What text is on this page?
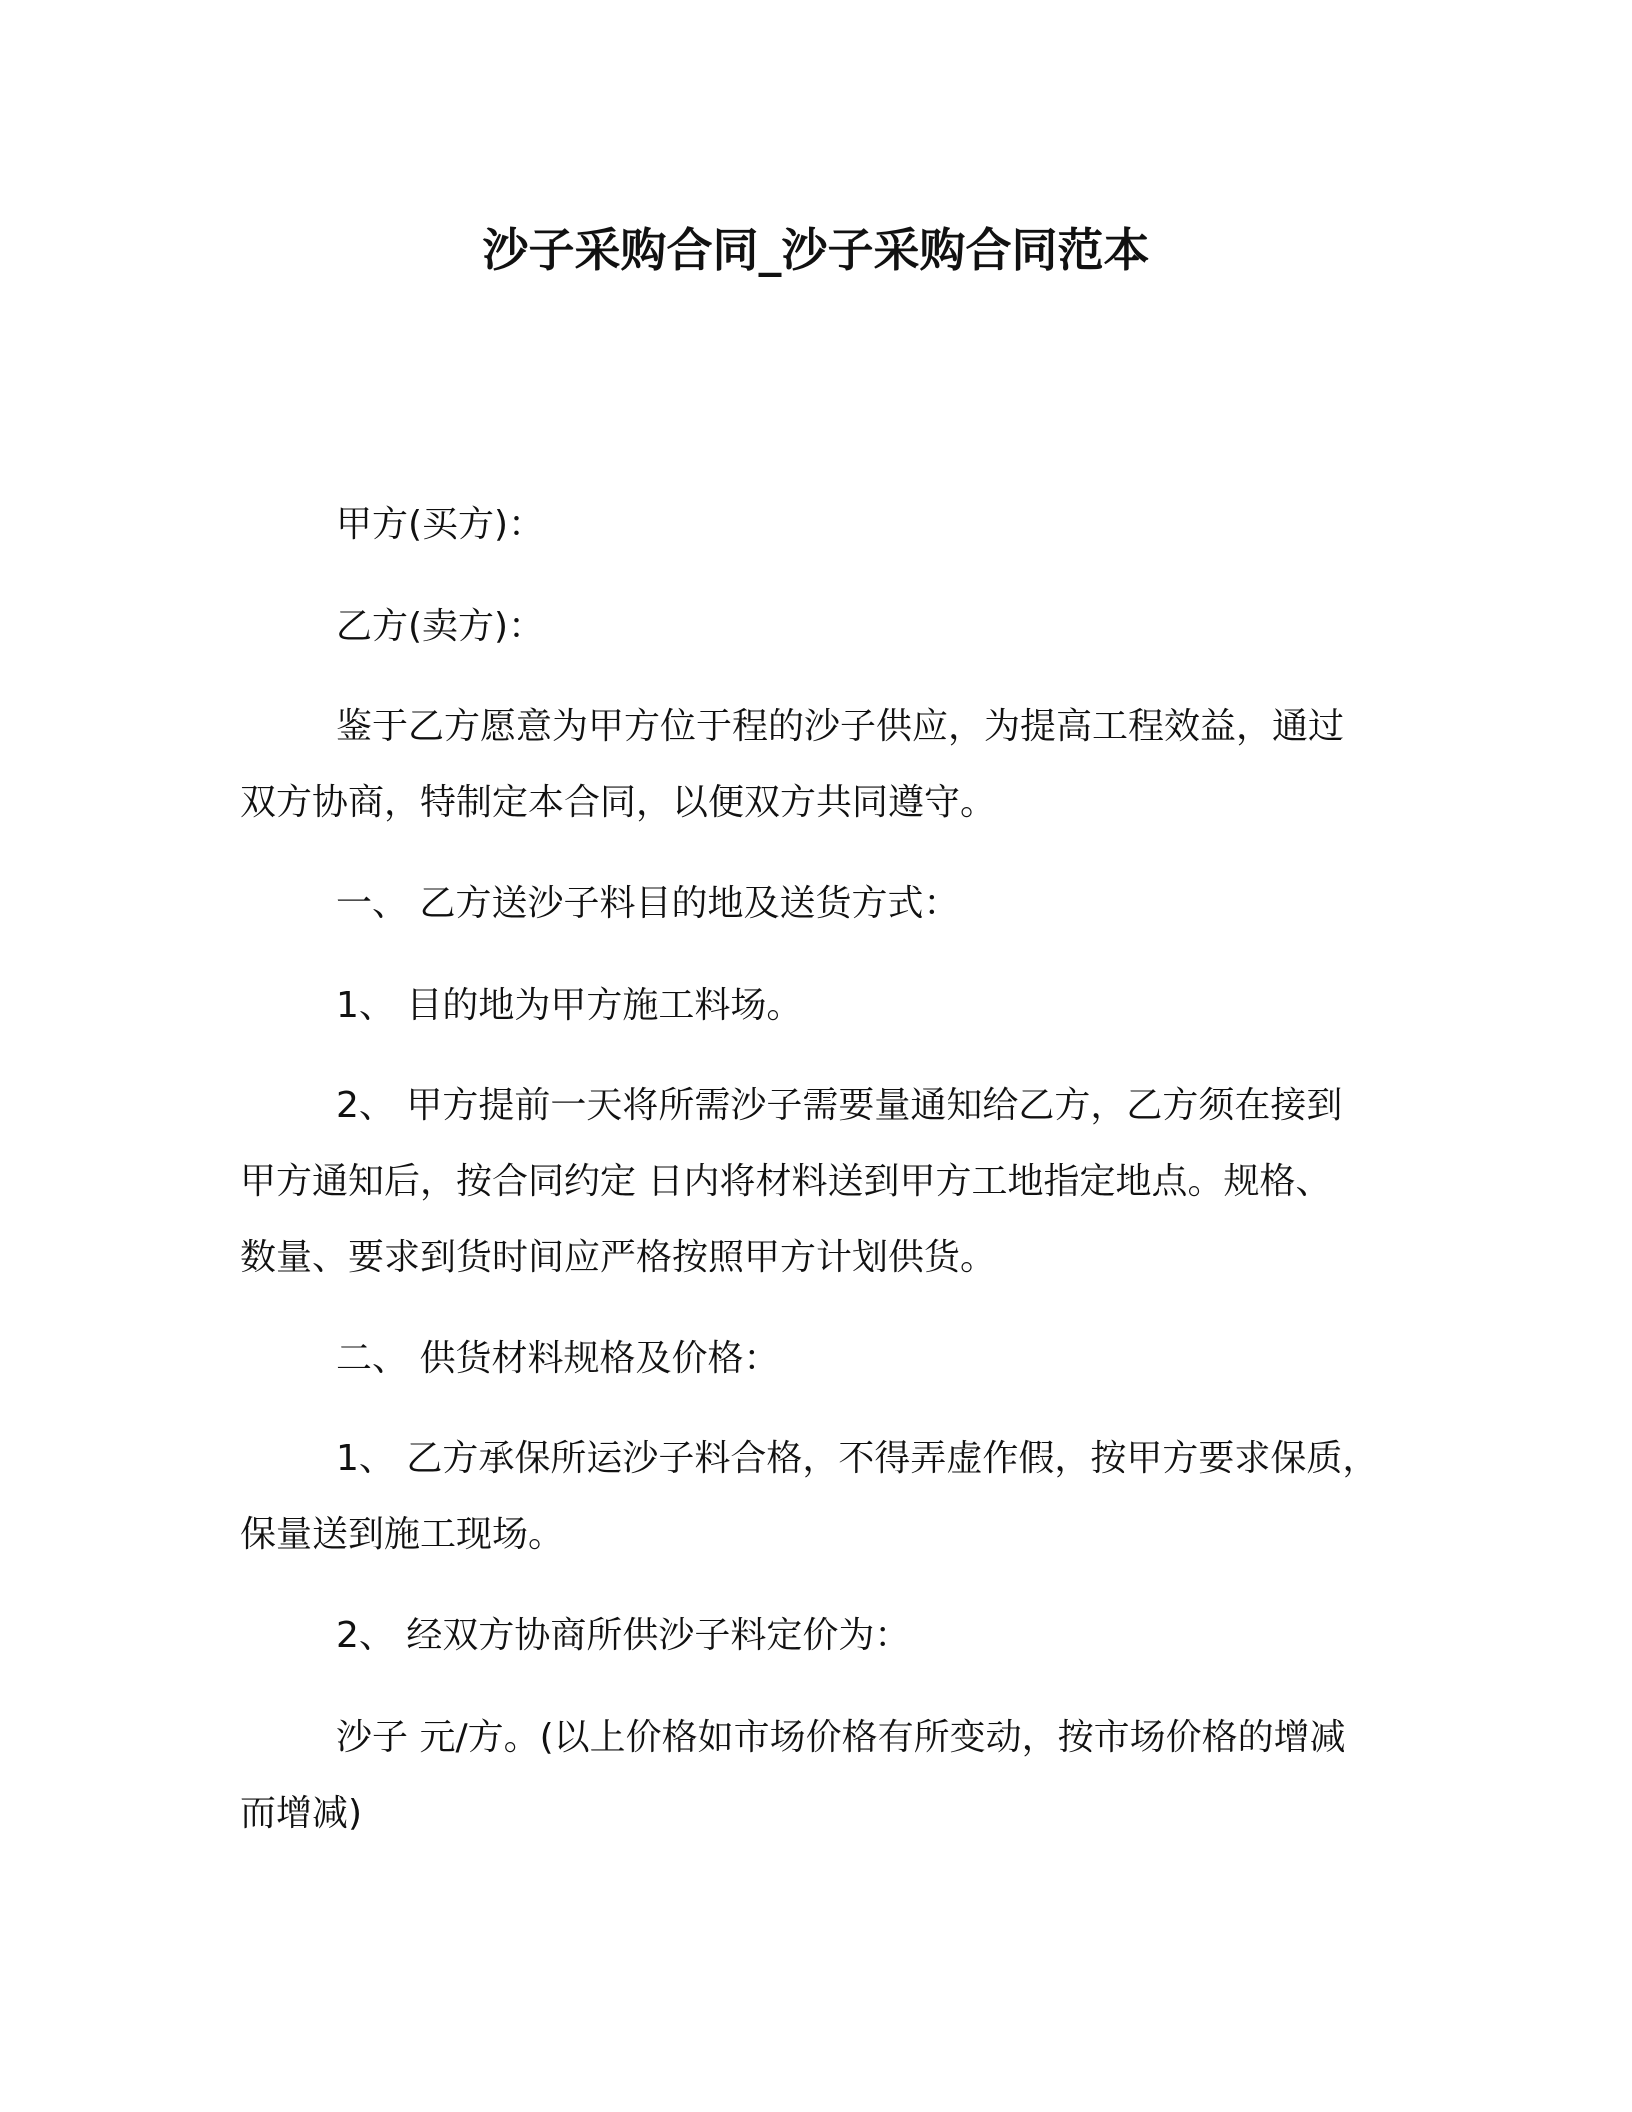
沙子采购合同_沙子采购合同范本
甲方(买方)：
乙方(卖方)：
鉴于乙方愿意为甲方位于程的沙子供应，为提高工程效益，通过
双方协商，特制定本合同，以便双方共同遵守。
一、 乙方送沙子料目的地及送货方式：
1、 目的地为甲方施工料场。
2、 甲方提前一天将所需沙子需要量通知给乙方，乙方须在接到
甲方通知后，按合同约定 日内将材料送到甲方工地指定地点。规格、
数量、要求到货时间应严格按照甲方计划供货。
二、 供货材料规格及价格：
1、 乙方承保所运沙子料合格，不得弄虚作假，按甲方要求保质，
保量送到施工现场。
2、 经双方协商所供沙子料定价为：
沙子 元/方。(以上价格如市场价格有所变动，按市场价格的增减
而增减)
